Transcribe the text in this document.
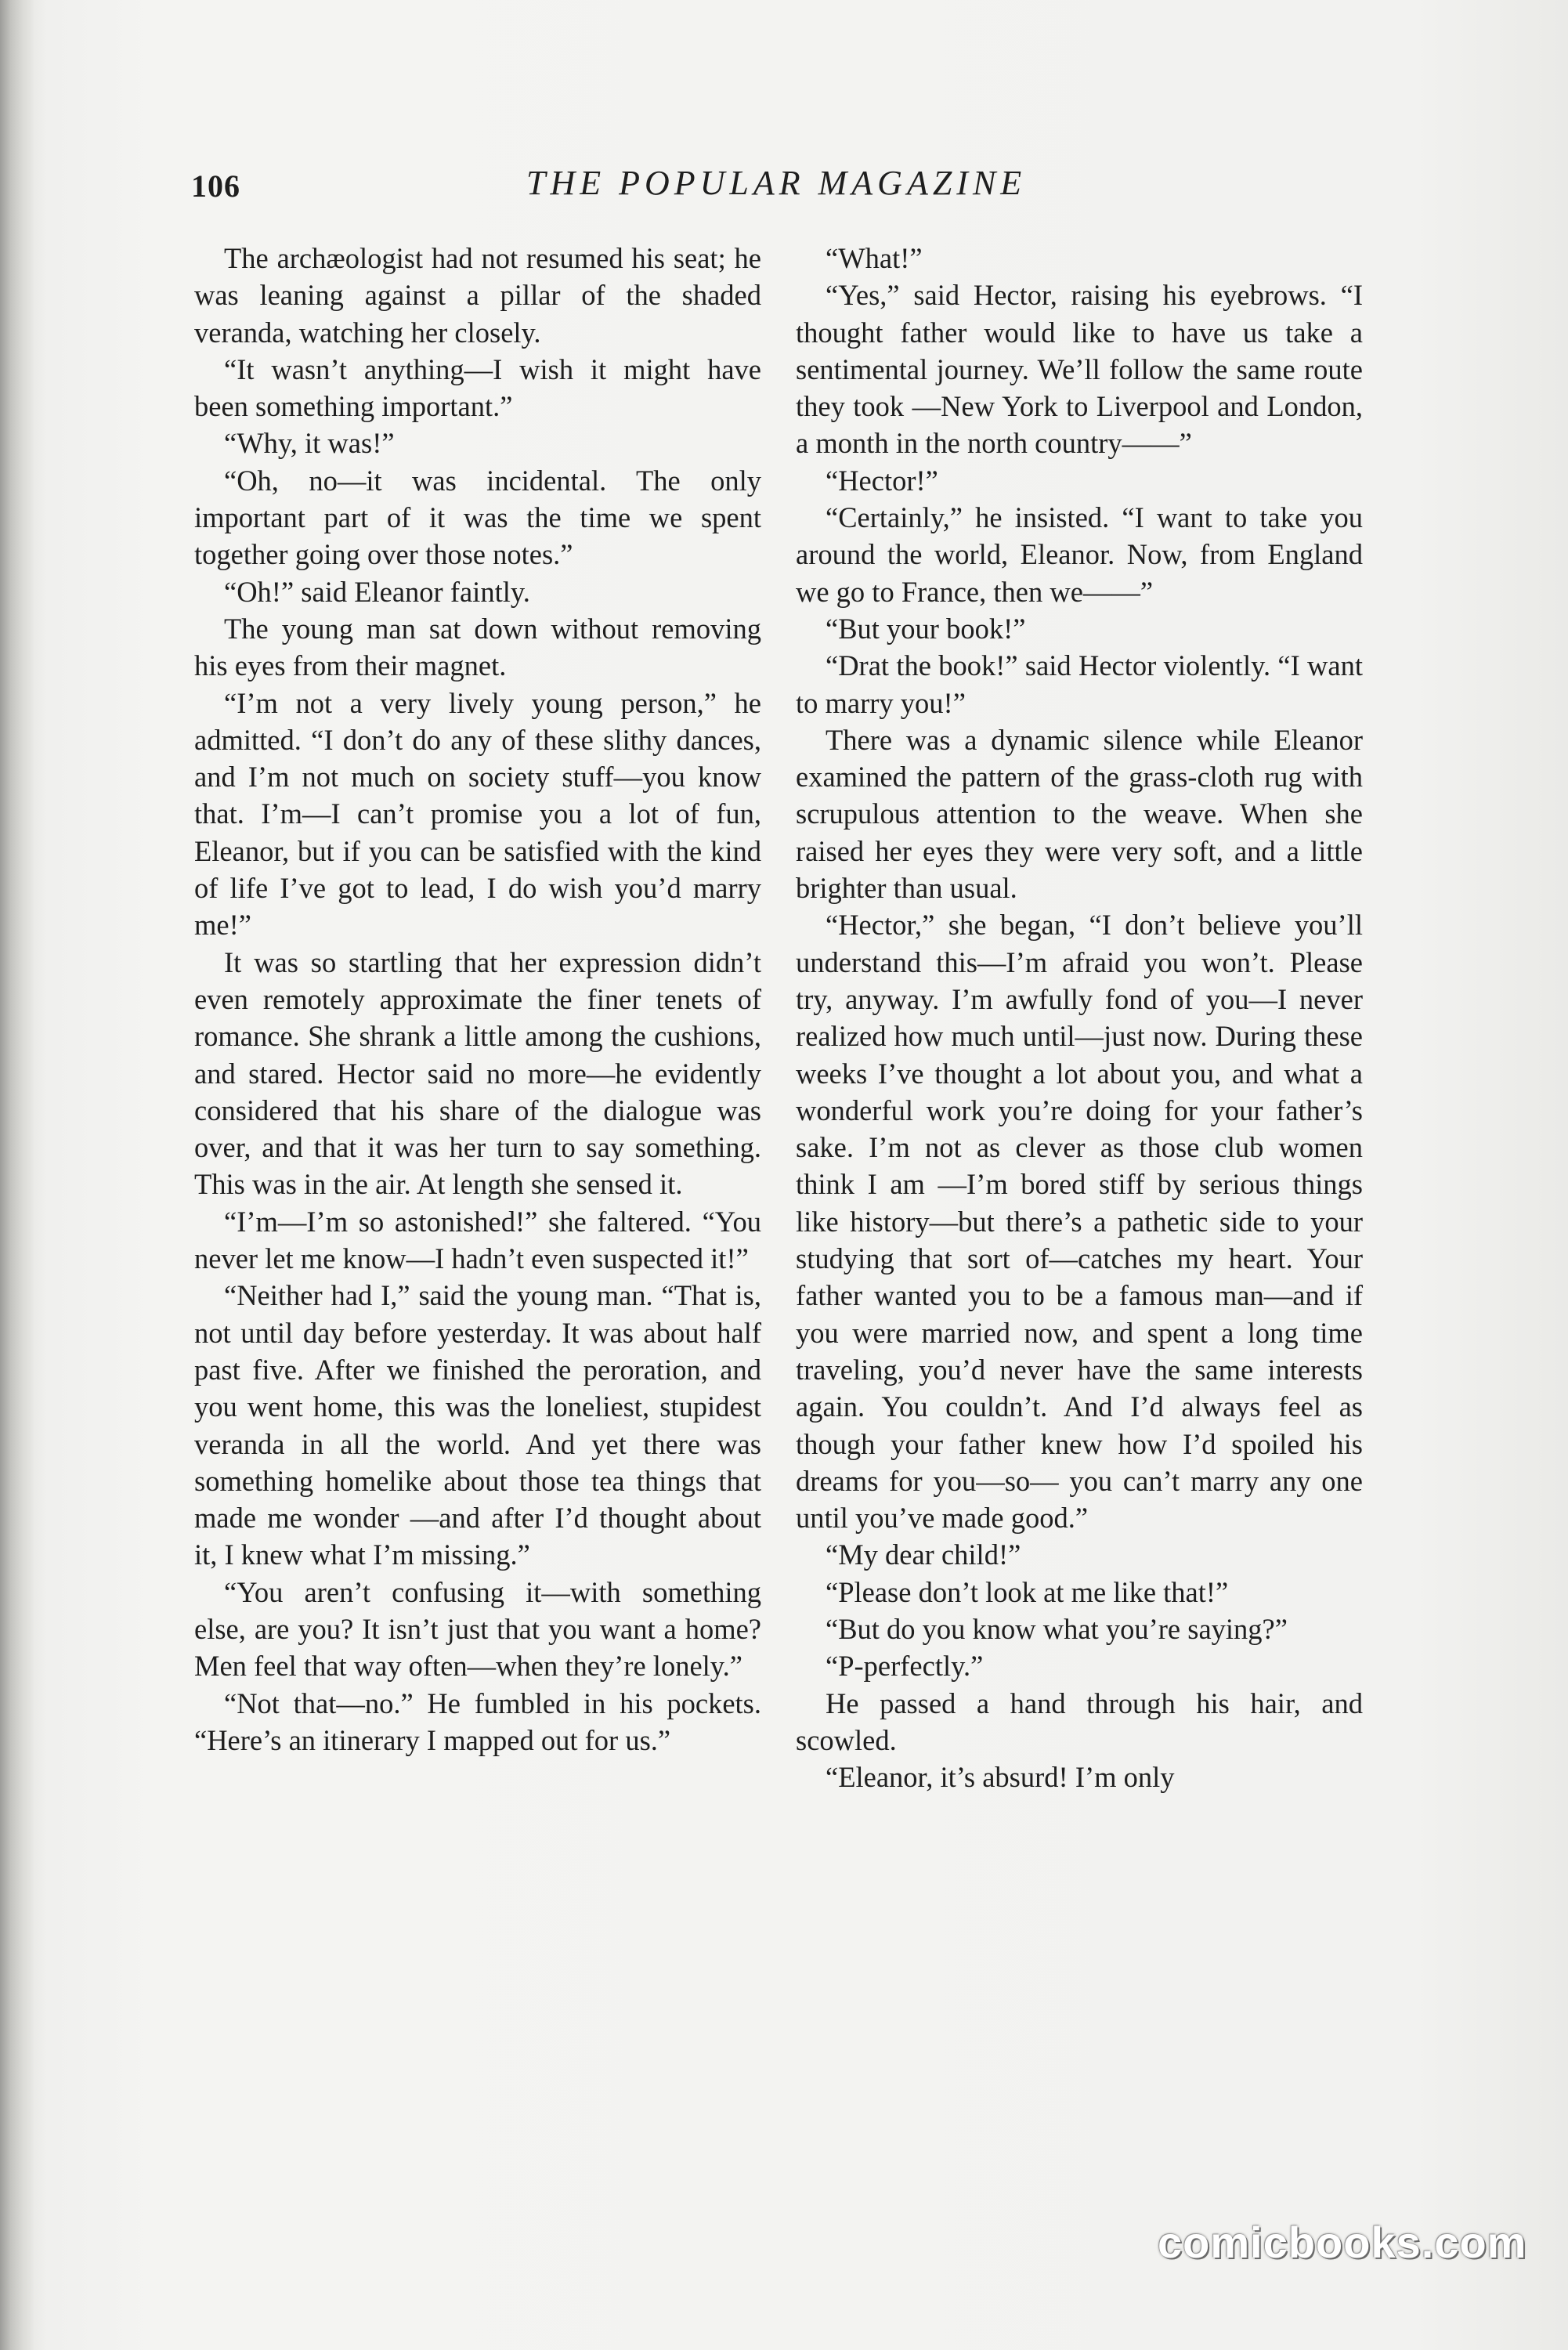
106	THE POPULAR MAGAZINE

The archæologist had not resumed his seat; he was leaning against a pillar of the shaded veranda, watching her closely.

“It wasn’t anything—I wish it might have been something important.”

“Why, it was!”

“Oh, no—it was incidental. The only important part of it was the time we spent together going over those notes.”

“Oh!” said Eleanor faintly.

The young man sat down without removing his eyes from their magnet.

“I’m not a very lively young person,” he admitted. “I don’t do any of these slithy dances, and I’m not much on society stuff—you know that. I’m—I can’t promise you a lot of fun, Eleanor, but if you can be satisfied with the kind of life I’ve got to lead, I do wish you’d marry me!”

It was so startling that her expression didn’t even remotely approximate the finer tenets of romance. She shrank a little among the cushions, and stared. Hector said no more—he evidently considered that his share of the dialogue was over, and that it was her turn to say something. This was in the air. At length she sensed it.

“I’m—I’m so astonished!” she faltered. “You never let me know—I hadn’t even suspected it!”

“Neither had I,” said the young man. “That is, not until day before yesterday. It was about half past five. After we finished the peroration, and you went home, this was the loneliest, stupidest veranda in all the world. And yet there was something homelike about those tea things that made me wonder —and after I’d thought about it, I knew what I’m missing.”

“You aren’t confusing it—with something else, are you? It isn’t just that you want a home? Men feel that way often—when they’re lonely.”

“Not that—no.” He fumbled in his pockets. “Here’s an itinerary I mapped out for us.”

“What!”

“Yes,” said Hector, raising his eyebrows. “I thought father would like to have us take a sentimental journey. We’ll follow the same route they took —New York to Liverpool and London, a month in the north country——”

“Hector!”

“Certainly,” he insisted. “I want to take you around the world, Eleanor. Now, from England we go to France, then we——”

“But your book!”

“Drat the book!” said Hector violently. “I want to marry you!”

There was a dynamic silence while Eleanor examined the pattern of the grass-cloth rug with scrupulous attention to the weave. When she raised her eyes they were very soft, and a little brighter than usual.

“Hector,” she began, “I don’t believe you’ll understand this—I’m afraid you won’t. Please try, anyway. I’m awfully fond of you—I never realized how much until—just now. During these weeks I’ve thought a lot about you, and what a wonderful work you’re doing for your father’s sake. I’m not as clever as those club women think I am —I’m bored stiff by serious things like history—but there’s a pathetic side to your studying that sort of—catches my heart. Your father wanted you to be a famous man—and if you were married now, and spent a long time traveling, you’d never have the same interests again. You couldn’t. And I’d always feel as though your father knew how I’d spoiled his dreams for you—so— you can’t marry any one until you’ve made good.”

“My dear child!”

“Please don’t look at me like that!”

“But do you know what you’re saying?”

“P-perfectly.”

He passed a hand through his hair, and scowled.

“Eleanor, it’s absurd! I’m only

comicbooks.com
